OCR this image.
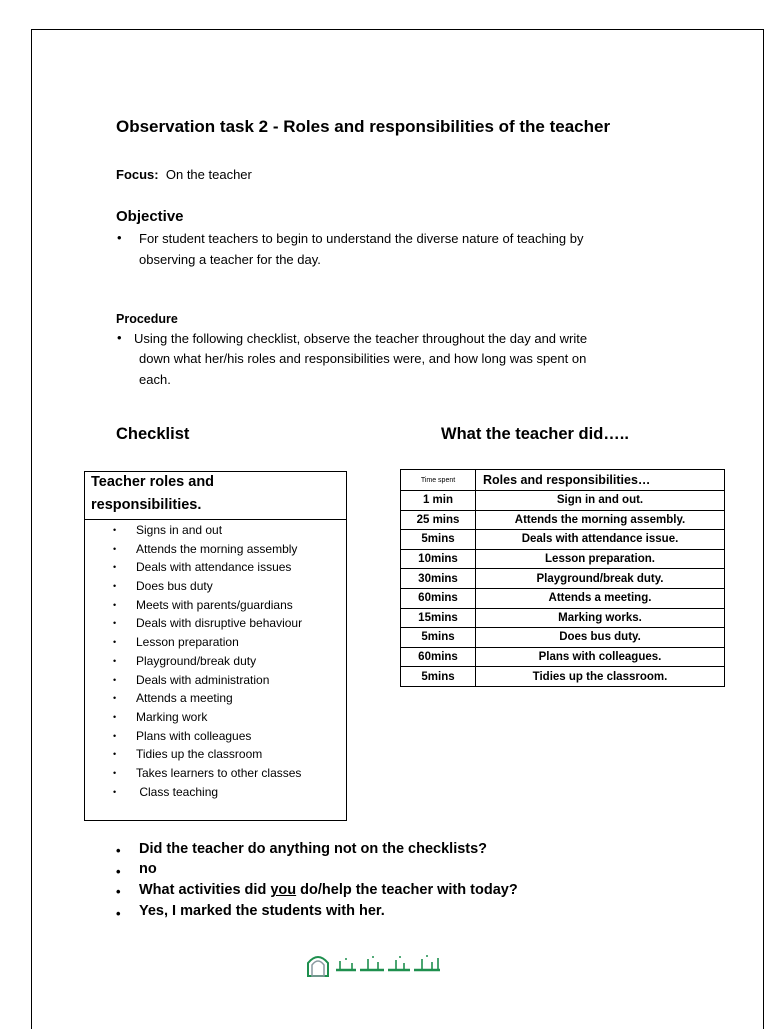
Observation task 2 - Roles and responsibilities of the teacher
Focus: On the teacher
Objective
• For student teachers to begin to understand the diverse nature of teaching by
observing a teacher for the day.
Procedure
• Using the following checklist, observe the teacher throughout the day and write
down what her/his roles and responsibilities were, and how long was spent on
each.
Checklist	What the teacher did…..
Teacher roles and
responsibilities.
• Signs in and out
• Attends the morning assembly
• Deals with attendance issues
• Does bus duty
• Meets with parents/guardians
• Deals with disruptive behaviour
• Lesson preparation
• Playground/break duty
• Deals with administration
• Attends a meeting
• Marking work
• Plans with colleagues
• Tidies up the classroom
• Takes learners to other classes
• Class teaching
Time spent	Roles and responsibilities…
1 min	Sign in and out.
25 mins	Attends the morning assembly.
5mins	Deals with attendance issue.
10mins	Lesson preparation.
30mins	Playground/break duty.
60mins	Attends a meeting.
15mins	Marking works.
5mins	Does bus duty.
60mins	Plans with colleagues.
5mins	Tidies up the classroom.
• Did the teacher do anything not on the checklists?
• no
• What activities did you do/help the teacher with today?
• Yes, I marked the students with her.
